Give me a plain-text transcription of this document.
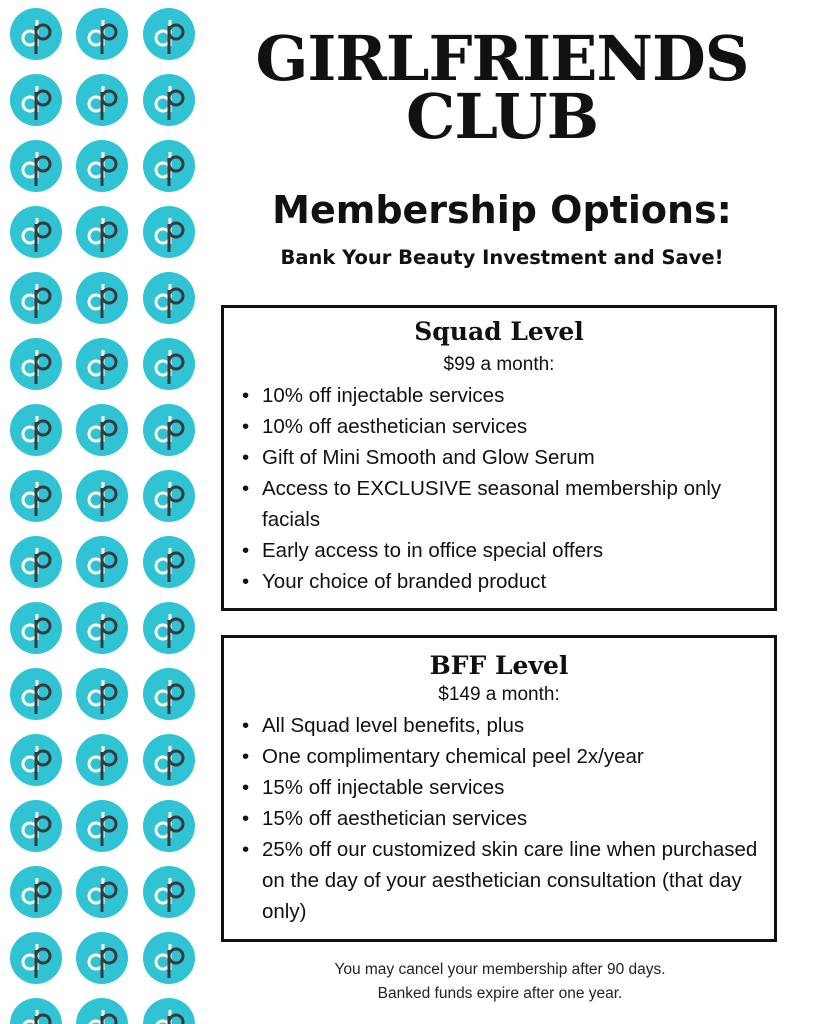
GIRLFRIENDS
CLUB
Membership Options:
Bank Your Beauty Investment and Save!
Squad Level

$99 a month:

• 10% off injectable services
• 10% off aesthetician services
• Gift of Mini Smooth and Glow Serum
• Access to EXCLUSIVE seasonal membership only facials
• Early access to in office special offers
• Your choice of branded product
BFF Level

$149 a month:

• All Squad level benefits, plus
• One complimentary chemical peel 2x/year
• 15% off injectable services
• 15% off aesthetician services
• 25% off our customized skin care line when purchased on the day of your aesthetician consultation (that day only)

You may cancel your membership after 90 days.

Banked funds expire after one year.
